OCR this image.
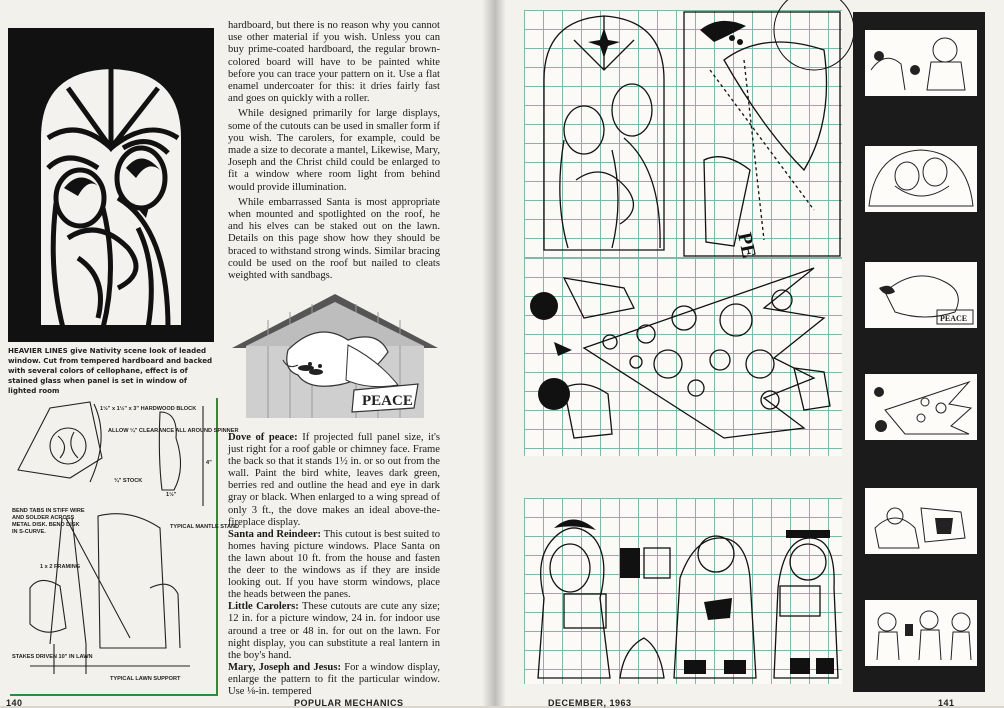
HEAVIER LINES give Nativity scene look of leaded window. Cut from tempered hardboard and backed with several colors of cellophane, effect is of stained glass when panel is set in window of lighted room

hardboard, but there is no reason why you cannot use other material if you wish. Unless you can buy prime-coated hardboard, the regular brown-colored board will have to be painted white before you can trace your pattern on it. Use a flat enamel undercoater for this: it dries fairly fast and goes on quickly with a roller.

While designed primarily for large displays, some of the cutouts can be used in smaller form if you wish. The carolers, for example, could be made a size to decorate a mantel, Likewise, Mary, Joseph and the Christ child could be enlarged to fit a window where room light from behind would provide illumination.

While embarrassed Santa is most appropriate when mounted and spotlighted on the roof, he and his elves can be staked out on the lawn. Details on this page show how they should be braced to withstand strong winds. Similar bracing could be used on the roof but nailed to cleats weighted with sandbags.

PEACE

Dove of peace: If projected full panel size, it's just right for a roof gable or chimney face. Frame the back so that it stands 1½ in. or so out from the wall. Paint the bird white, leaves dark green, berries red and outline the head and eye in dark gray or black. When enlarged to a wing spread of only 3 ft., the dove makes an ideal above-the-fireplace display.

Santa and Reindeer: This cutout is best suited to homes having picture windows. Place Santa on the lawn about 10 ft. from the house and fasten the deer to the windows as if they are inside looking out. If you have storm windows, place the heads between the panes.

Little Carolers: These cutouts are cute any size; 12 in. for a picture window, 24 in. for indoor use around a tree or 48 in. for out on the lawn. For night display, you can substitute a real lantern in the boy's hand.

Mary, Joseph and Jesus: For a window display, enlarge the pattern to fit the particular window. Use ⅛-in. tempered

1½" x 1½" x 3" HARDWOOD BLOCK
ALLOW ¼" CLEARANCE ALL AROUND SPINNER
¾" STOCK
4"
1½"
BEND TABS IN STIFF WIRE
AND SOLDER ACROSS
METAL DISK. BEND DISK
IN S-CURVE.
TYPICAL MANTLE STAND
1 x 2 FRAMING
STAKES DRIVEN 10" IN LAWN
TYPICAL LAWN SUPPORT
140	POPULAR MECHANICS
PEACE
DECEMBER, 1963	141
